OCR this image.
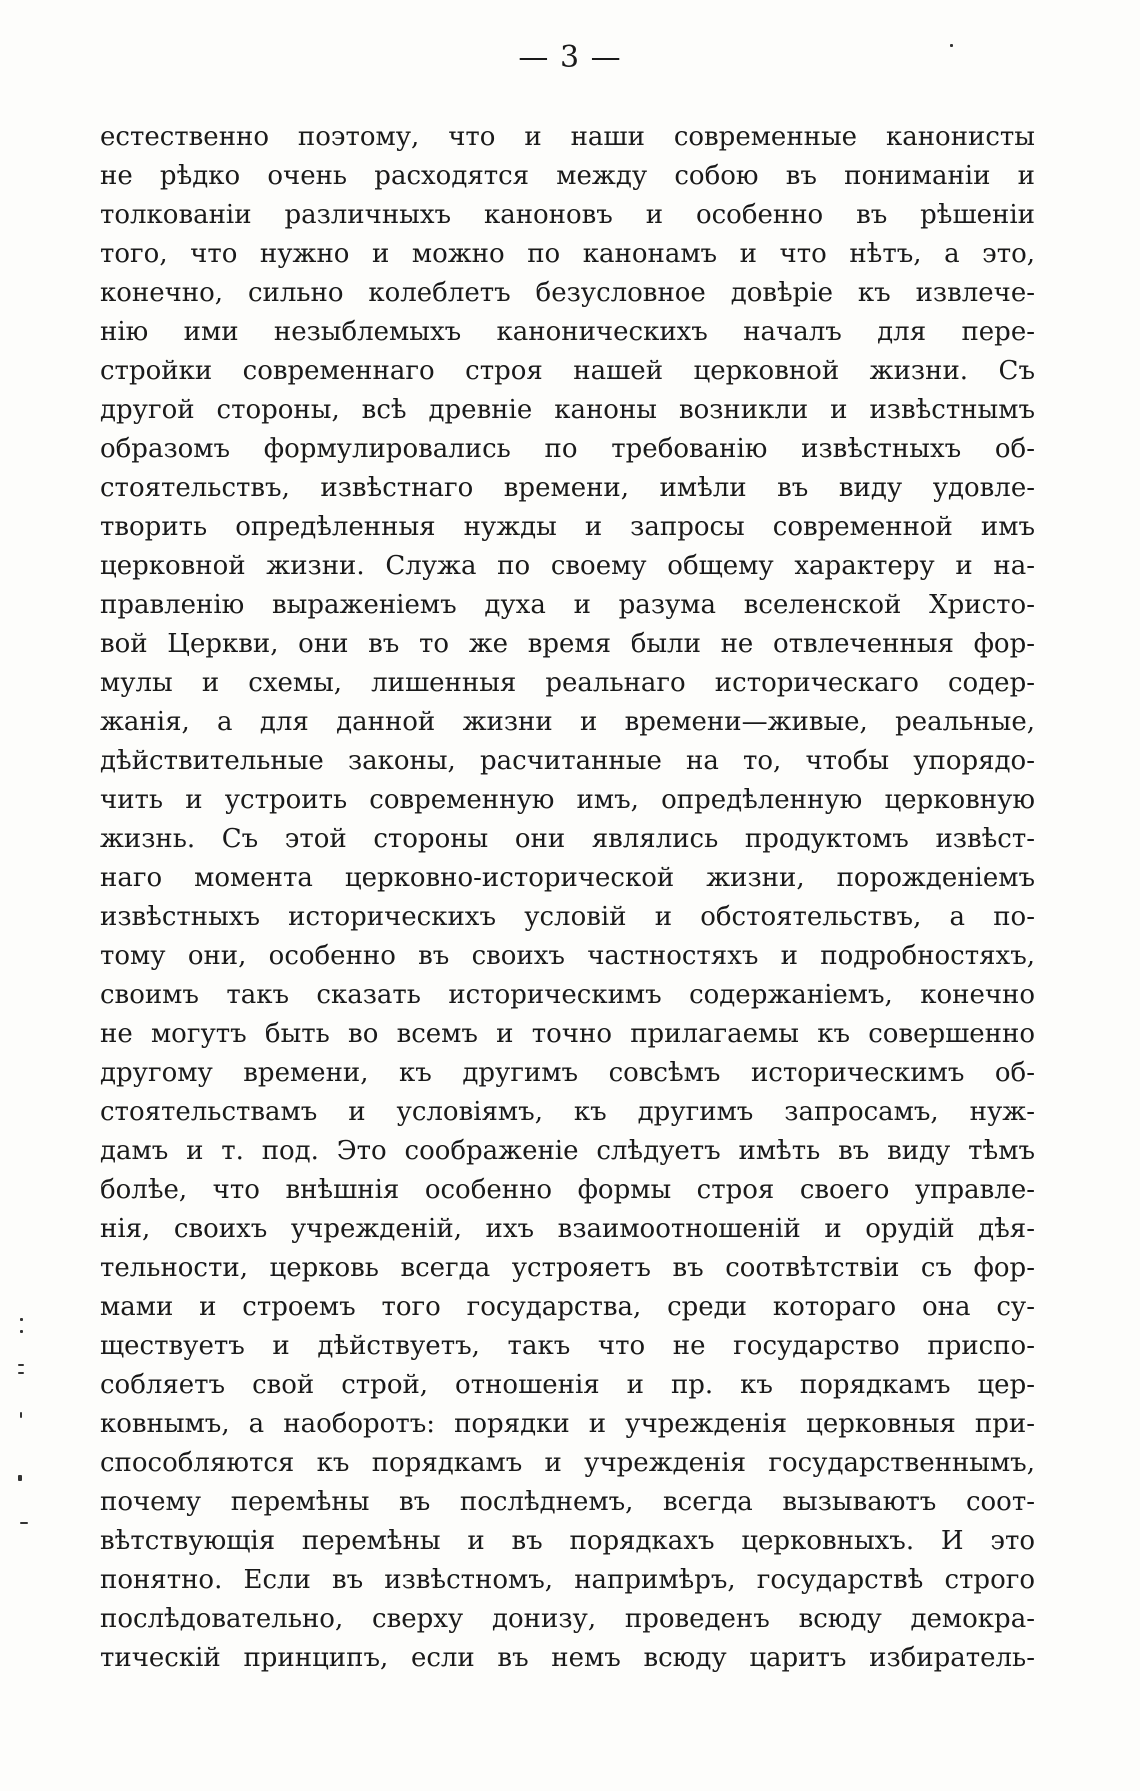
— 3 —
естественно поэтому, что и наши современные канонисты
не рѣдко очень расходятся между собою въ пониманіи и
толкованіи различныхъ каноновъ и особенно въ рѣшеніи
того, что нужно и можно по канонамъ и что нѣтъ, а это,
конечно, сильно колеблетъ безусловное довѣріе къ извлече-
нію ими незыблемыхъ каноническихъ началъ для пере-
стройки современнаго строя нашей церковной жизни. Съ
другой стороны, всѣ древніе каноны возникли и извѣстнымъ
образомъ формулировались по требованію извѣстныхъ об-
стоятельствъ, извѣстнаго времени, имѣли въ виду удовле-
творить опредѣленныя нужды и запросы современной имъ
церковной жизни. Служа по своему общему характеру и на-
правленію выраженіемъ духа и разума вселенской Христо-
вой Церкви, они въ то же время были не отвлеченныя фор-
мулы и схемы, лишенныя реальнаго историческаго содер-
жанія, а для данной жизни и времени—живые, реальные,
дѣйствительные законы, расчитанные на то, чтобы упорядо-
чить и устроить современную имъ, опредѣленную церковную
жизнь. Съ этой стороны они являлись продуктомъ извѣст-
наго момента церковно-исторической жизни, порожденіемъ
извѣстныхъ историческихъ условій и обстоятельствъ, а по-
тому они, особенно въ своихъ частностяхъ и подробностяхъ,
своимъ такъ сказать историческимъ содержаніемъ, конечно
не могутъ быть во всемъ и точно прилагаемы къ совершенно
другому времени, къ другимъ совсѣмъ историческимъ об-
стоятельствамъ и условіямъ, къ другимъ запросамъ, нуж-
дамъ и т. под. Это соображеніе слѣдуетъ имѣть въ виду тѣмъ
болѣе, что внѣшнія особенно формы строя своего управле-
нія, своихъ учрежденій, ихъ взаимоотношеній и орудій дѣя-
тельности, церковь всегда устрояетъ въ соотвѣтствіи съ фор-
мами и строемъ того государства, среди котораго она су-
ществуетъ и дѣйствуетъ, такъ что не государство приспо-
собляетъ свой строй, отношенія и пр. къ порядкамъ цер-
ковнымъ, а наоборотъ: порядки и учрежденія церковныя при-
способляются къ порядкамъ и учрежденія государственнымъ,
почему перемѣны въ послѣднемъ, всегда вызываютъ соот-
вѣтствующія перемѣны и въ порядкахъ церковныхъ. И это
понятно. Если въ извѣстномъ, напримѣръ, государствѣ строго
послѣдовательно, сверху донизу, проведенъ всюду демокра-
тическій принципъ, если въ немъ всюду царитъ избиратель-
